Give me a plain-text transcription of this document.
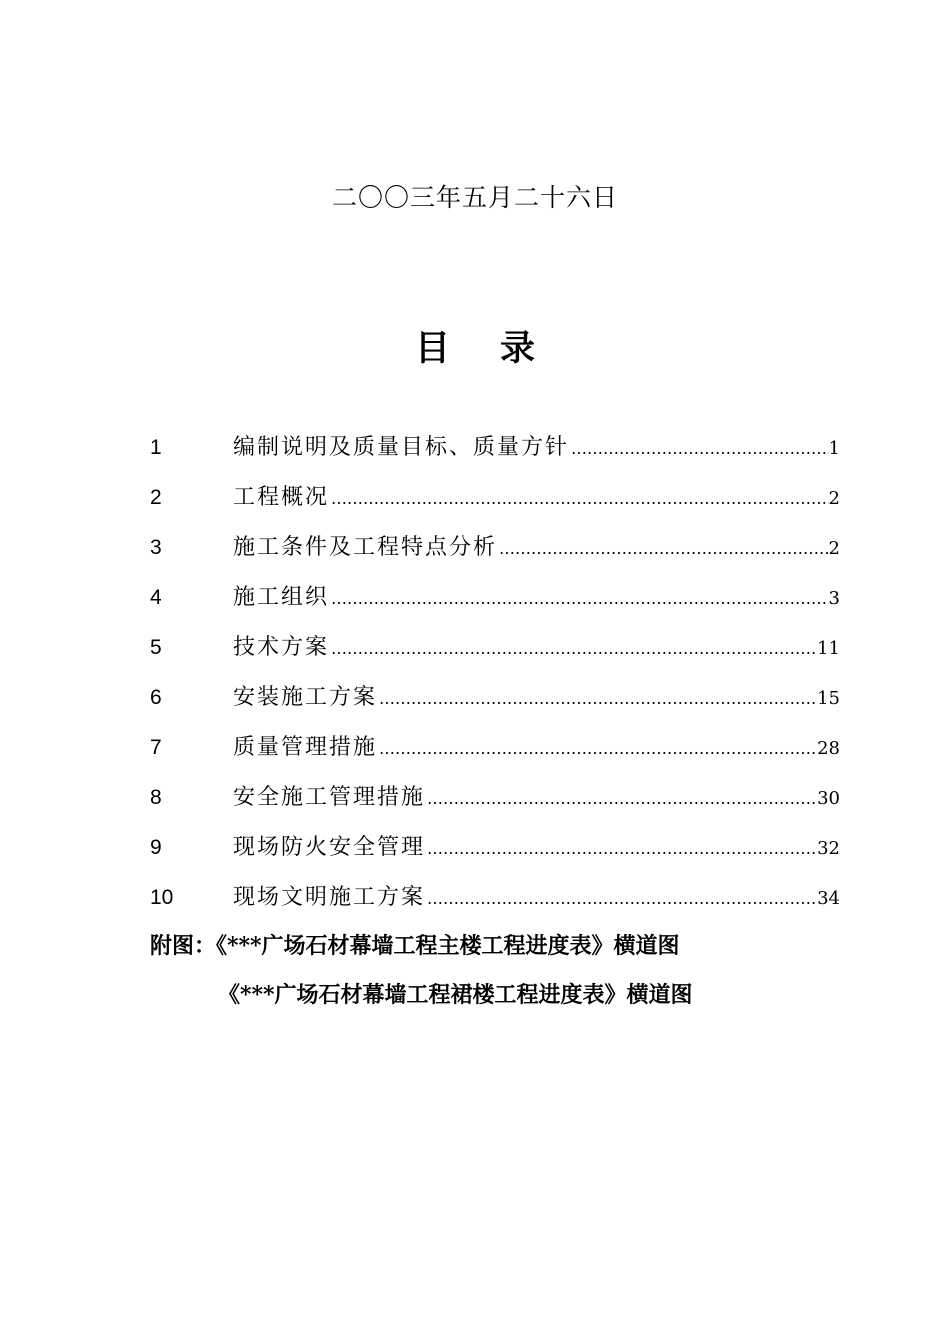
二〇〇三年五月二十六日
目录
1	编制说明及质量目标、质量方针 …………………………………………………………………………………………………………………………	1
2	工程概况 …………………………………………………………………………………………………………………………	2
3	施工条件及工程特点分析 …………………………………………………………………………………………………………………………	2
4	施工组织 …………………………………………………………………………………………………………………………	3
5	技术方案 …………………………………………………………………………………………………………………………	11
6	安装施工方案 …………………………………………………………………………………………………………………………	15
7	质量管理措施 …………………………………………………………………………………………………………………………	28
8	安全施工管理措施 …………………………………………………………………………………………………………………………	30
9	现场防火安全管理 …………………………………………………………………………………………………………………………	32
10	现场文明施工方案 …………………………………………………………………………………………………………………………	34
附图：《***广场石材幕墙工程主楼工程进度表》横道图
《***广场石材幕墙工程裙楼工程进度表》横道图
